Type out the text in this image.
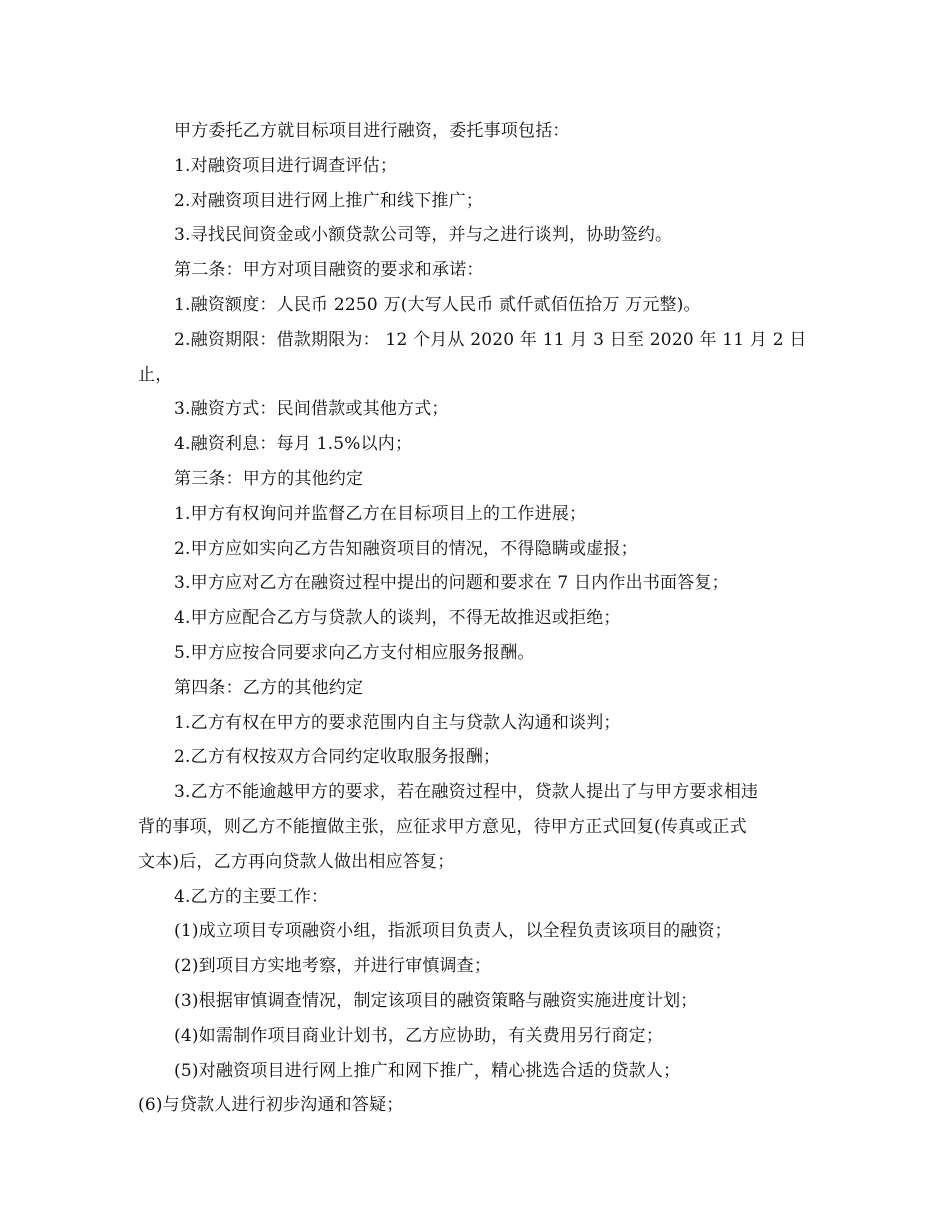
甲方委托乙方就目标项目进行融资，委托事项包括：
1.对融资项目进行调查评估；
2.对融资项目进行网上推广和线下推广；
3.寻找民间资金或小额贷款公司等，并与之进行谈判，协助签约。
第二条：甲方对项目融资的要求和承诺：
1.融资额度：人民币 2250 万(大写人民币 贰仟贰佰伍拾万 万元整)。
2.融资期限：借款期限为： 12 个月从 2020 年 11 月 3 日至 2020 年 11 月 2 日
止，
3.融资方式：民间借款或其他方式；
4.融资利息：每月 1.5%以内；
第三条：甲方的其他约定
1.甲方有权询问并监督乙方在目标项目上的工作进展；
2.甲方应如实向乙方告知融资项目的情况，不得隐瞒或虚报；
3.甲方应对乙方在融资过程中提出的问题和要求在 7 日内作出书面答复；
4.甲方应配合乙方与贷款人的谈判，不得无故推迟或拒绝；
5.甲方应按合同要求向乙方支付相应服务报酬。
第四条：乙方的其他约定
1.乙方有权在甲方的要求范围内自主与贷款人沟通和谈判；
2.乙方有权按双方合同约定收取服务报酬；
3.乙方不能逾越甲方的要求，若在融资过程中，贷款人提出了与甲方要求相违
背的事项，则乙方不能擅做主张，应征求甲方意见，待甲方正式回复(传真或正式
文本)后，乙方再向贷款人做出相应答复；
4.乙方的主要工作：
(1)成立项目专项融资小组，指派项目负责人，以全程负责该项目的融资；
(2)到项目方实地考察，并进行审慎调查；
(3)根据审慎调查情况，制定该项目的融资策略与融资实施进度计划；
(4)如需制作项目商业计划书，乙方应协助，有关费用另行商定；
(5)对融资项目进行网上推广和网下推广，精心挑选合适的贷款人；
(6)与贷款人进行初步沟通和答疑；
